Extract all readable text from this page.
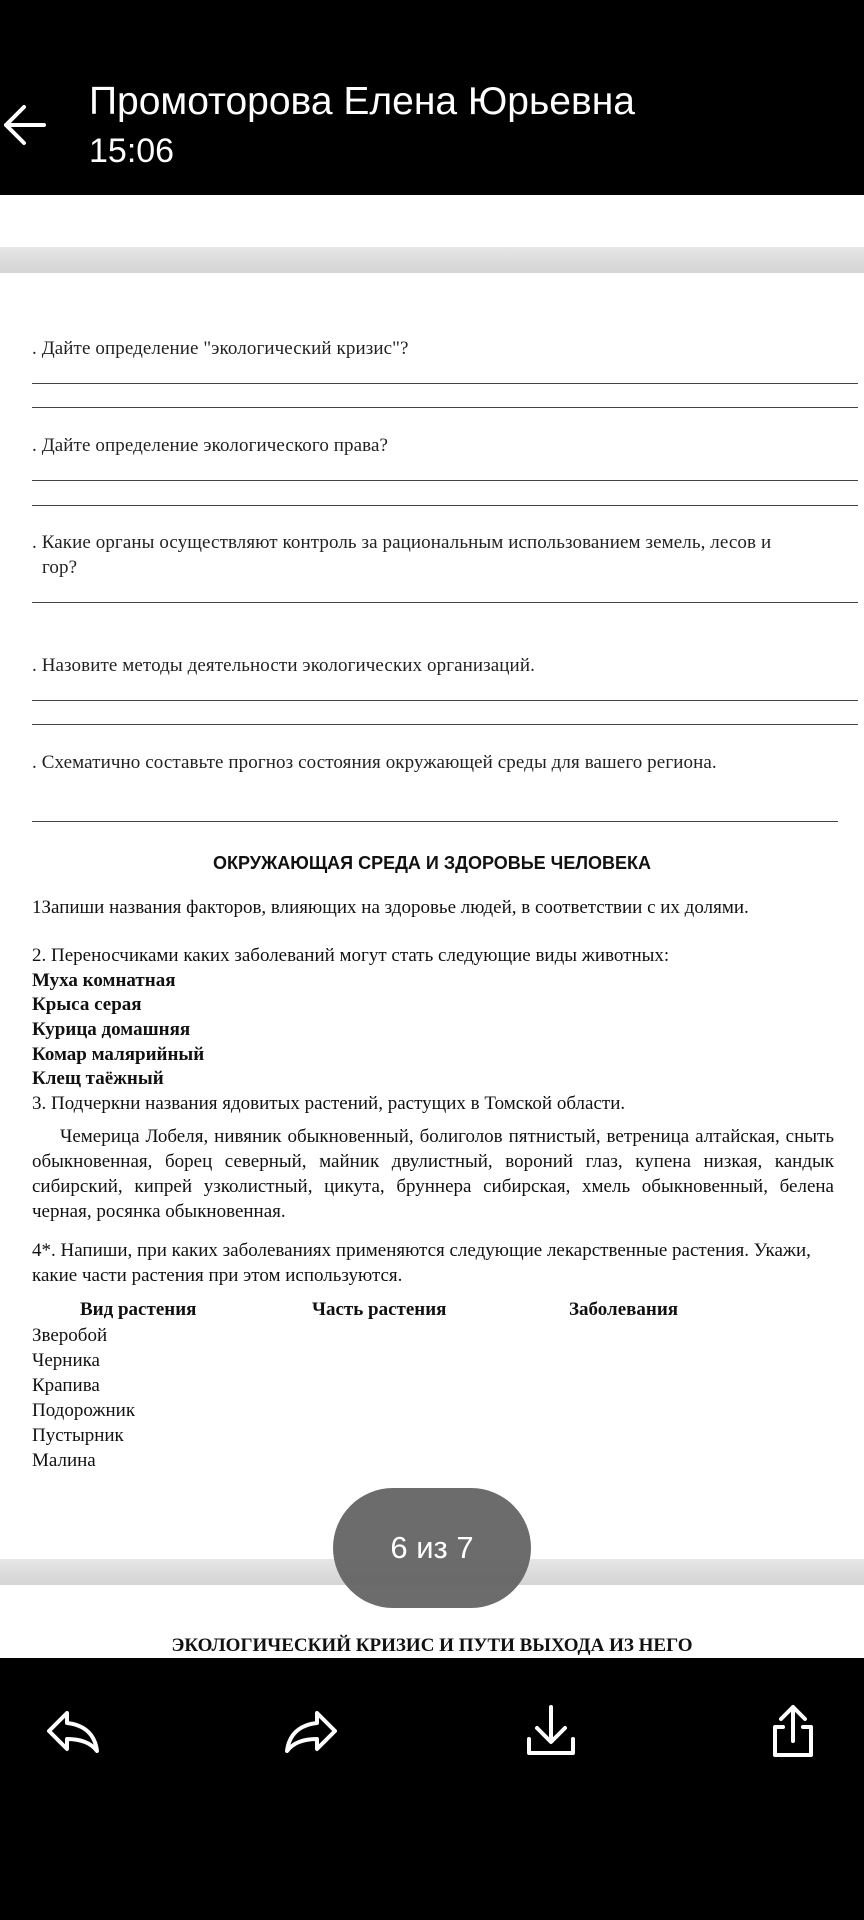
Промоторова Елена Юрьевна
15:06
. Дайте определение "экологический кризис"?
. Дайте определение экологического права?
. Какие органы осуществляют контроль за рациональным использованием земель, лесов и
гор?
. Назовите методы деятельности экологических организаций.
. Схематично составьте прогноз состояния окружающей среды для вашего региона.
ОКРУЖАЮЩАЯ СРЕДА И ЗДОРОВЬЕ ЧЕЛОВЕКА
1Запиши названия факторов, влияющих на здоровье людей, в соответствии с их долями.
2. Переносчиками каких заболеваний могут стать следующие виды животных:
Муха комнатная
Крыса серая
Курица домашняя
Комар малярийный
Клещ таёжный
3. Подчеркни названия ядовитых растений, растущих в Томской области.
Чемерица Лобеля, нивяник обыкновенный, болиголов пятнистый, ветреница алтайская, сныть обыкновенная, борец северный, майник двулистный, вороний глаз, купена низкая, кандык сибирский, кипрей узколистный, цикута, бруннера сибирская, хмель обыкновенный, белена черная, росянка обыкновенная.
4*. Напиши, при каких заболеваниях применяются следующие лекарственные растения. Укажи, какие части растения при этом используются.
Вид растения	Часть растения	Заболевания
Зверобой
Черника
Крапива
Подорожник
Пустырник
Малина
ЭКОЛОГИЧЕСКИЙ КРИЗИС И ПУТИ ВЫХОДА ИЗ НЕГО
6 из 7
